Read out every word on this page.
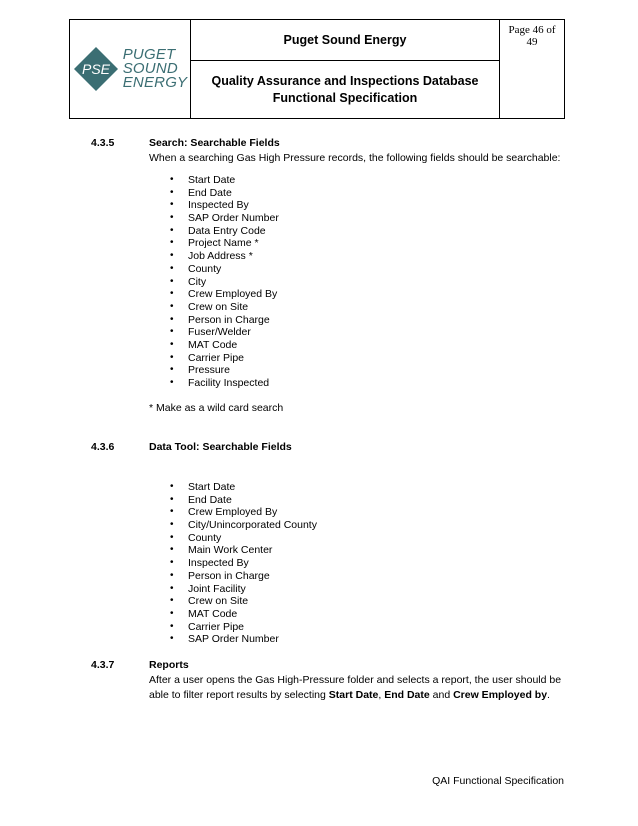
PSE
PUGET
SOUND
ENERGY
	Puget Sound Energy	
Page 46 of
49

Quality Assurance and Inspections Database
Functional Specification
4.3.5	Search: Searchable Fields
When a searching Gas High Pressure records, the following fields should be searchable:
• Start Date
• End Date
• Inspected By
• SAP Order Number
• Data Entry Code
• Project Name *
• Job Address *
• County
• City
• Crew Employed By
• Crew on Site
• Person in Charge
• Fuser/Welder
• MAT Code
• Carrier Pipe
• Pressure
• Facility Inspected
* Make as a wild card search
4.3.6	Data Tool: Searchable Fields
• Start Date
• End Date
• Crew Employed By
• City/Unincorporated County
• County
• Main Work Center
• Inspected By
• Person in Charge
• Joint Facility
• Crew on Site
• MAT Code
• Carrier Pipe
• SAP Order Number
4.3.7	Reports
After a user opens the Gas High-Pressure folder and selects a report, the user should be
able to filter report results by selecting Start Date, End Date and Crew Employed by.
QAI Functional Specification
